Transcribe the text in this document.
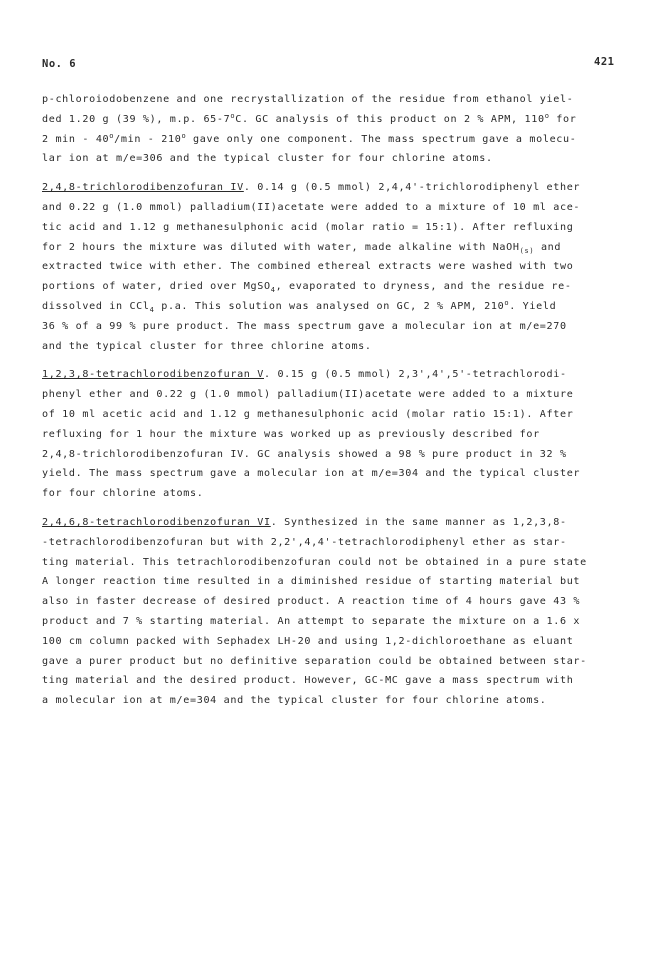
No. 6	421
p-chloroiodobenzene and one recrystallization of the residue from ethanol yiel-
ded 1.20 g (39 %), m.p. 65-7$^o$C. GC analysis of this product on 2 % APM, 110$^o$ for
2 min - 40$^o$/min - 210$^o$ gave only one component. The mass spectrum gave a molecu-
lar ion at m/e=306 and the typical cluster for four chlorine atoms.
2,4,8-trichlorodibenzofuran IV. 0.14 g (0.5 mmol) 2,4,4'-trichlorodiphenyl ether
and 0.22 g (1.0 mmol) palladium(II)acetate were added to a mixture of 10 ml ace-
tic acid and 1.12 g methanesulphonic acid (molar ratio = 15:1). After refluxing
for 2 hours the mixture was diluted with water, made alkaline with NaOH$_{(s)}$ and
extracted twice with ether. The combined ethereal extracts were washed with two
portions of water, dried over MgSO$_4$, evaporated to dryness, and the residue re-
dissolved in CCl$_4$ p.a. This solution was analysed on GC, 2 % APM, 210$^o$. Yield
36 % of a 99 % pure product. The mass spectrum gave a molecular ion at m/e=270
and the typical cluster for three chlorine atoms.
1,2,3,8-tetrachlorodibenzofuran V. 0.15 g (0.5 mmol) 2,3',4',5'-tetrachlorodi-
phenyl ether and 0.22 g (1.0 mmol) palladium(II)acetate were added to a mixture
of 10 ml acetic acid and 1.12 g methanesulphonic acid (molar ratio 15:1). After
refluxing for 1 hour the mixture was worked up as previously described for
2,4,8-trichlorodibenzofuran IV. GC analysis showed a 98 % pure product in 32 %
yield. The mass spectrum gave a molecular ion at m/e=304 and the typical cluster
for four chlorine atoms.
2,4,6,8-tetrachlorodibenzofuran VI. Synthesized in the same manner as 1,2,3,8-
-tetrachlorodibenzofuran but with 2,2',4,4'-tetrachlorodiphenyl ether as star-
ting material. This tetrachlorodibenzofuran could not be obtained in a pure state
A longer reaction time resulted in a diminished residue of starting material but
also in faster decrease of desired product. A reaction time of 4 hours gave 43 %
product and 7 % starting material. An attempt to separate the mixture on a 1.6 x
100 cm column packed with Sephadex LH-20 and using 1,2-dichloroethane as eluant
gave a purer product but no definitive separation could be obtained between star-
ting material and the desired product. However, GC-MC gave a mass spectrum with
a molecular ion at m/e=304 and the typical cluster for four chlorine atoms.
